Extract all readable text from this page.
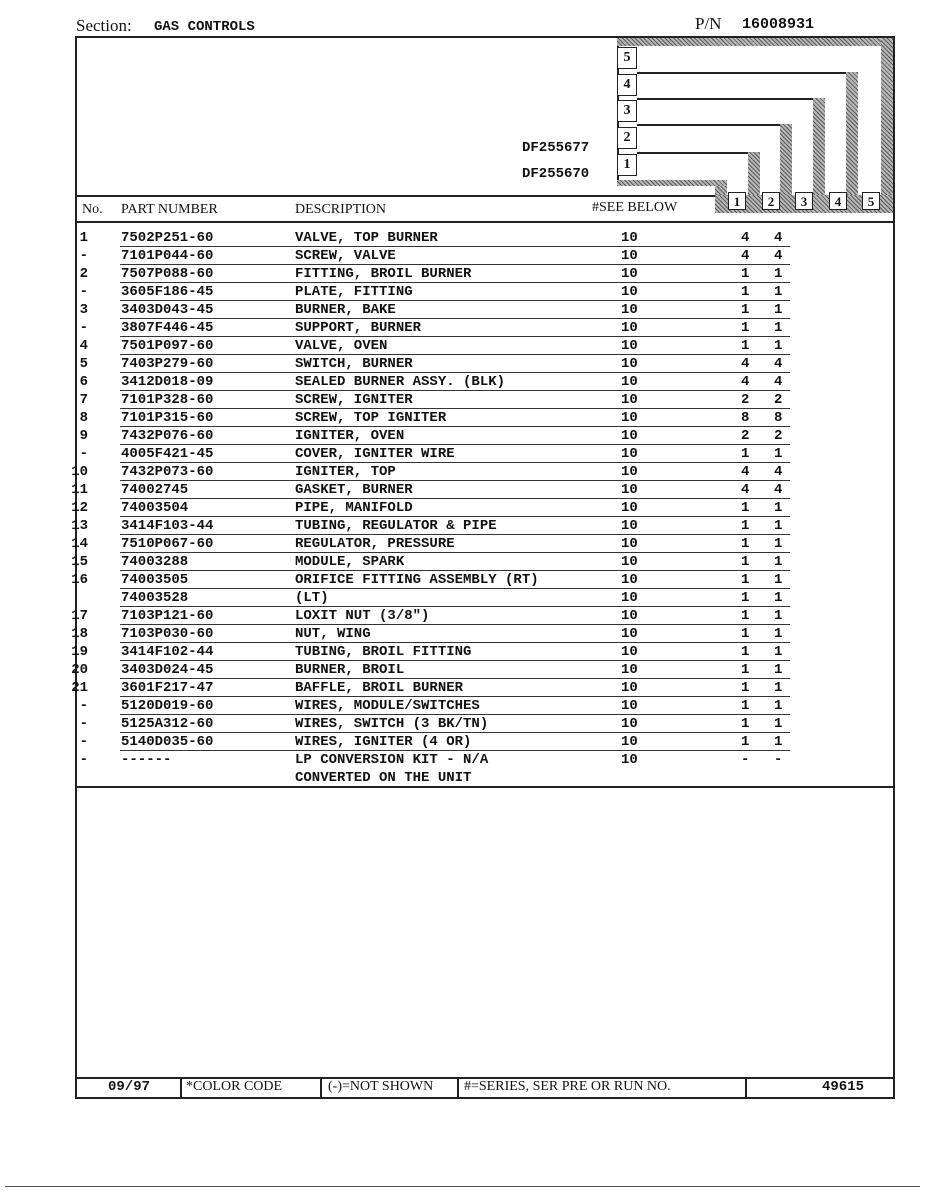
Section: GAS CONTROLS	P/N 16008931
5
4
3
2
1
DF255677
DF255670
No. PART NUMBER	DESCRIPTION	#SEE BELOW	1	2	3	4	5
1 7502P251-60	VALVE, TOP BURNER	10	4 4
- 7101P044-60	SCREW, VALVE	10	4 4
2 7507P088-60	FITTING, BROIL BURNER	10	1 1
- 3605F186-45	PLATE, FITTING	10	1 1
3 3403D043-45	BURNER, BAKE	10	1 1
- 3807F446-45	SUPPORT, BURNER	10	1 1
4 7501P097-60	VALVE, OVEN	10	1 1
5 7403P279-60	SWITCH, BURNER	10	4 4
6 3412D018-09	SEALED BURNER ASSY. (BLK)	10	4 4
7 7101P328-60	SCREW, IGNITER	10	2 2
8 7101P315-60	SCREW, TOP IGNITER	10	8 8
9 7432P076-60	IGNITER, OVEN	10	2 2
- 4005F421-45	COVER, IGNITER WIRE	10	1 1
10 7432P073-60	IGNITER, TOP	10	4 4
11 74002745	GASKET, BURNER	10	4 4
12 74003504	PIPE, MANIFOLD	10	1 1
13 3414F103-44	TUBING, REGULATOR & PIPE	10	1 1
14 7510P067-60	REGULATOR, PRESSURE	10	1 1
15 74003288	MODULE, SPARK	10	1 1
16 74003505	ORIFICE FITTING ASSEMBLY (RT)	10	1 1
74003528	(LT)	10	1 1
17 7103P121-60	LOXIT NUT (3/8")	10	1 1
18 7103P030-60	NUT, WING	10	1 1
19 3414F102-44	TUBING, BROIL FITTING	10	1 1
20 3403D024-45	BURNER, BROIL	10	1 1
21 3601F217-47	BAFFLE, BROIL BURNER	10	1 1
- 5120D019-60	WIRES, MODULE/SWITCHES	10	1 1
- 5125A312-60	WIRES, SWITCH (3 BK/TN)	10	1 1
- 5140D035-60	WIRES, IGNITER (4 OR)	10	1 1
- ------	LP CONVERSION KIT - N/A	10	- -
CONVERTED ON THE UNIT
09/97	*COLOR CODE	(-)=NOT SHOWN #=SERIES, SER PRE OR RUN NO.	49615
